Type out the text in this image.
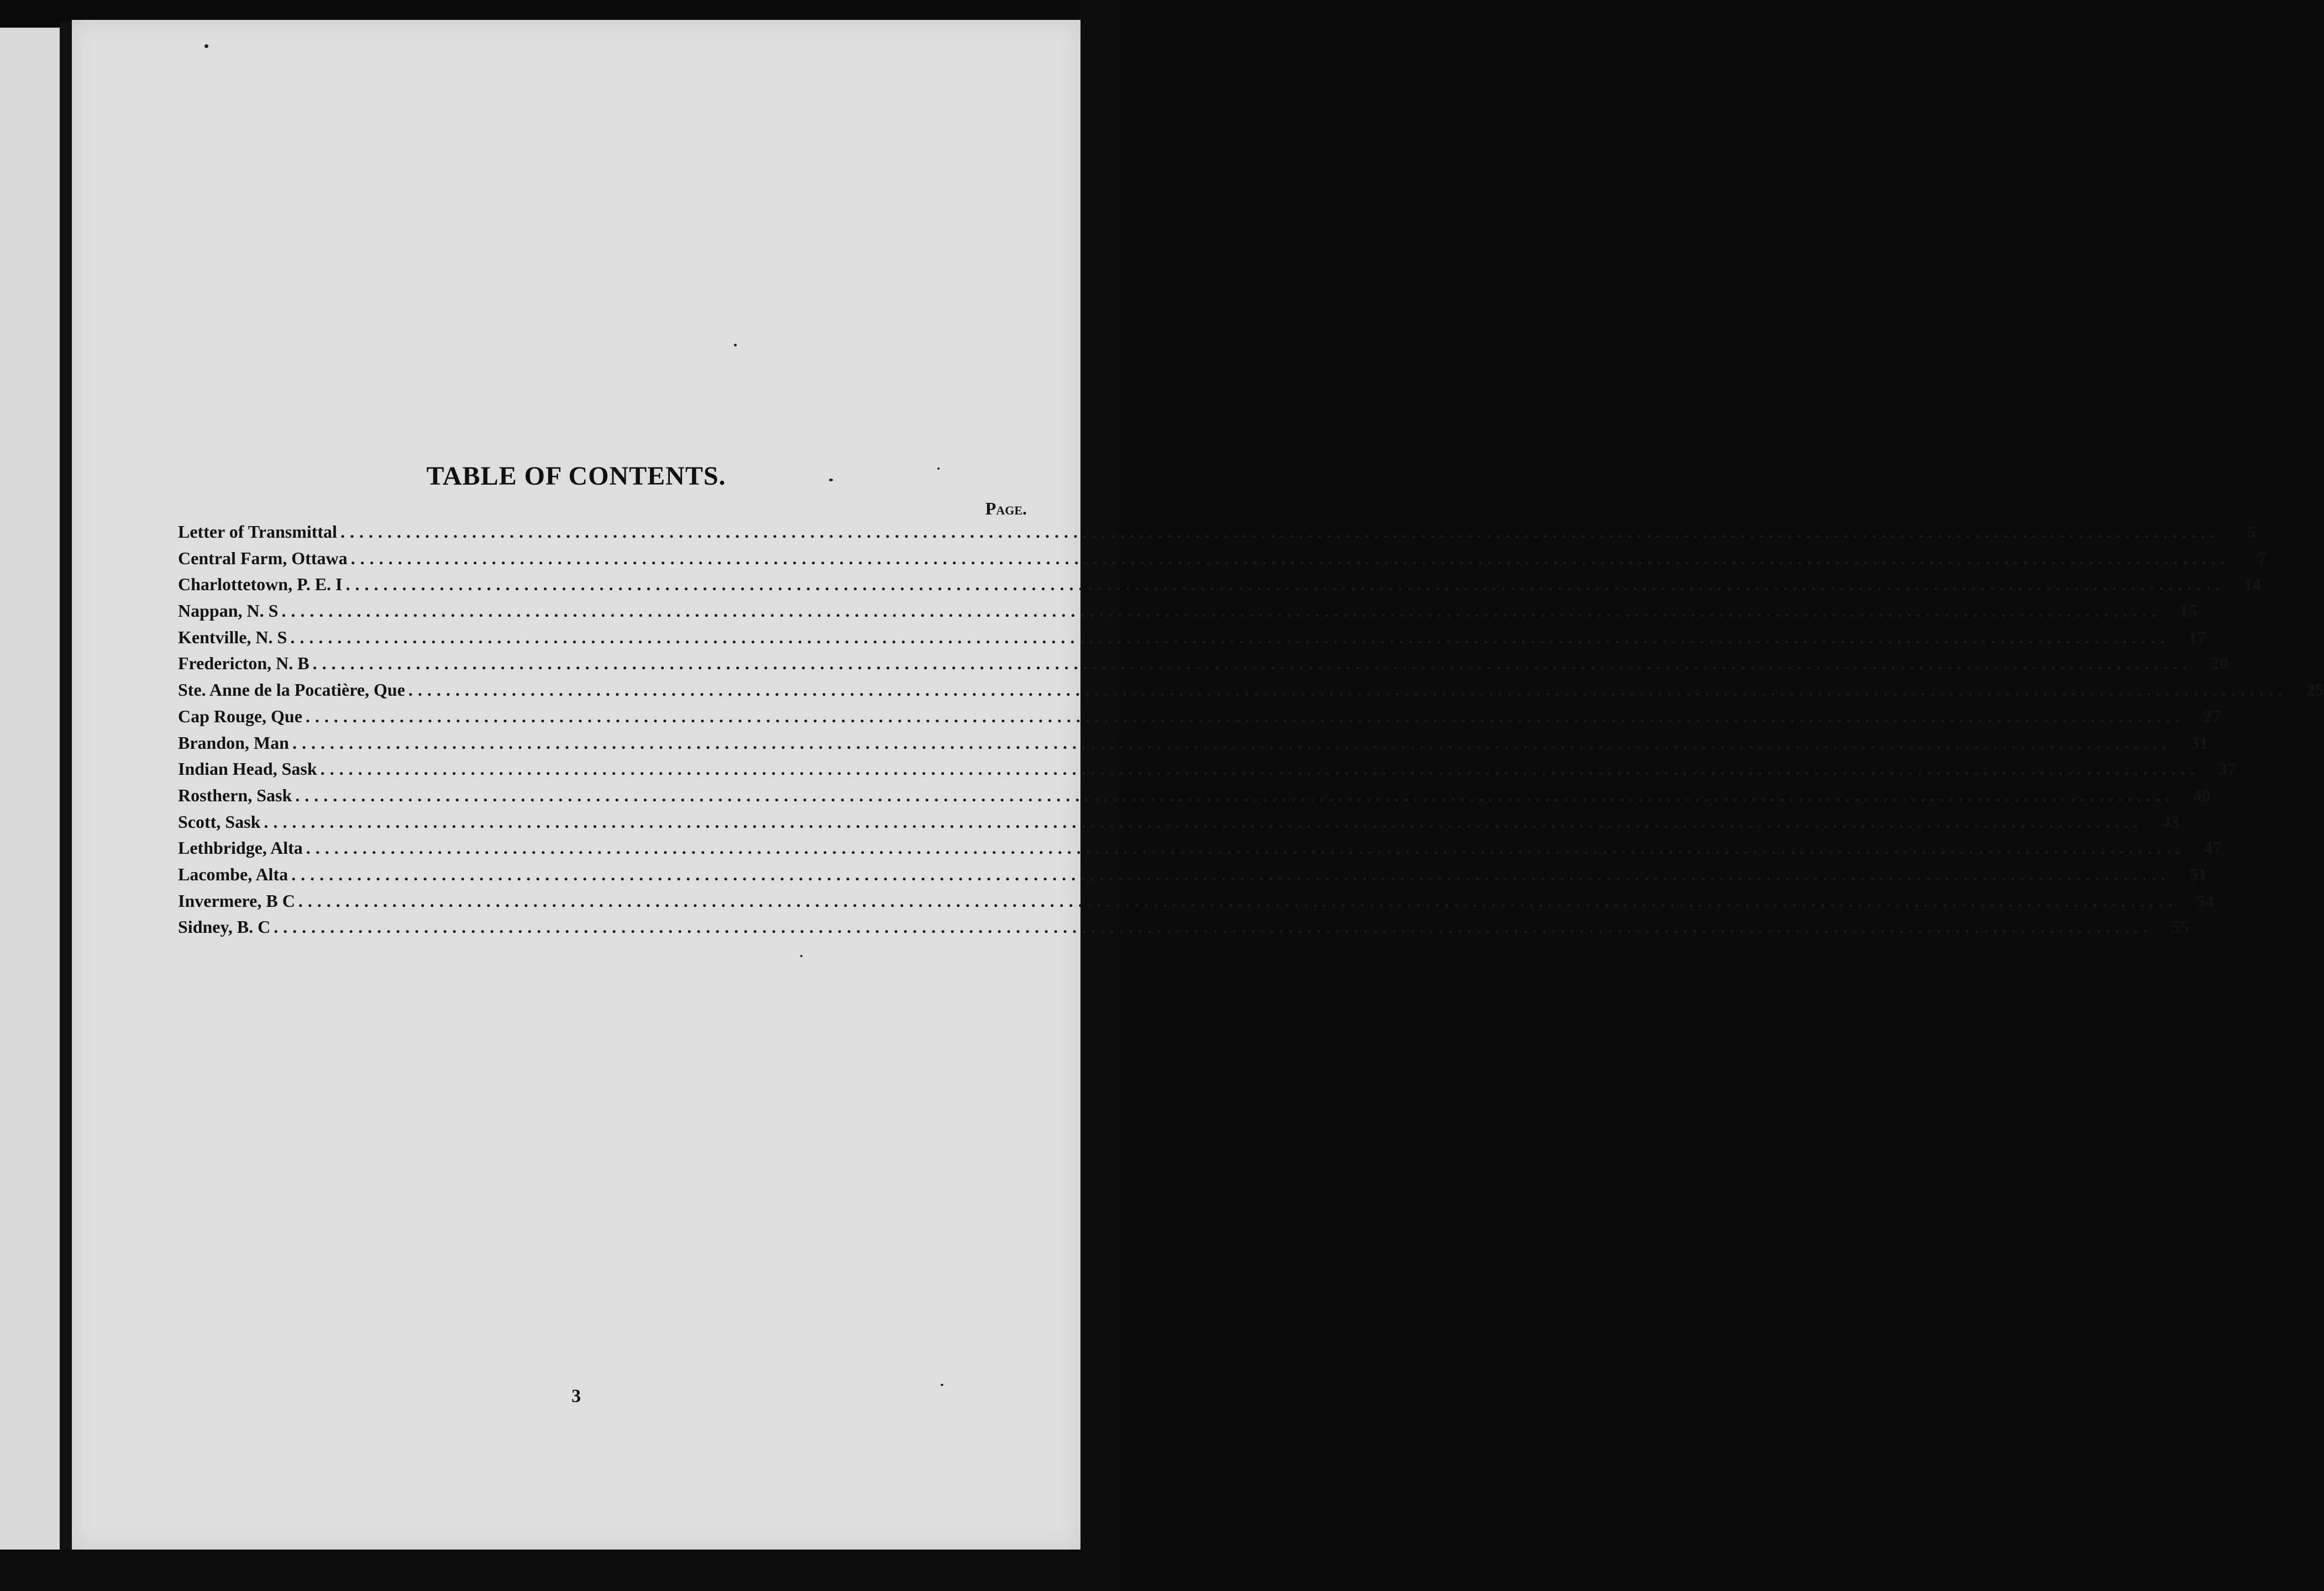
TABLE OF CONTENTS.
Page.
Letter of Transmittal ........................................................................................................................................................................................................	5
Central Farm, Ottawa ........................................................................................................................................................................................................	7
Charlottetown, P. E. I ........................................................................................................................................................................................................	14
Nappan, N. S ........................................................................................................................................................................................................	15
Kentville, N. S ........................................................................................................................................................................................................	17
Fredericton, N. B ........................................................................................................................................................................................................	20
Ste. Anne de la Pocatière, Que ........................................................................................................................................................................................................	25
Cap Rouge, Que ........................................................................................................................................................................................................	27
Brandon, Man ........................................................................................................................................................................................................	31
Indian Head, Sask ........................................................................................................................................................................................................	37
Rosthern, Sask ........................................................................................................................................................................................................	40
Scott, Sask ........................................................................................................................................................................................................	43
Lethbridge, Alta ........................................................................................................................................................................................................	47
Lacombe, Alta ........................................................................................................................................................................................................	51
Invermere, B C ........................................................................................................................................................................................................	54
Sidney, B. C ........................................................................................................................................................................................................	55
3
